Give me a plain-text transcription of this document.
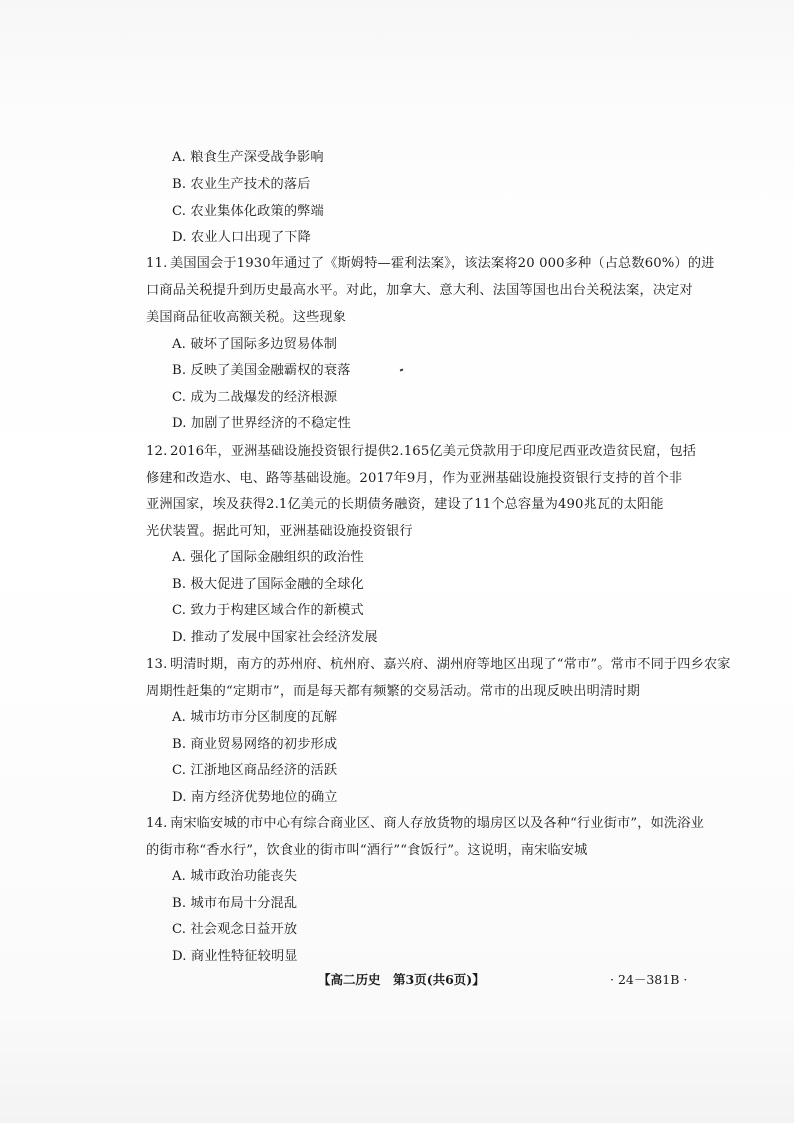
A. 粮食生产深受战争影响
B. 农业生产技术的落后
C. 农业集体化政策的弊端
D. 农业人口出现了下降
11. 美国国会于1930年通过了《斯姆特—霍利法案》，该法案将20 000多种（占总数60%）的进
口商品关税提升到历史最高水平。对此，加拿大、意大利、法国等国也出台关税法案，决定对
美国商品征收高额关税。这些现象
A. 破坏了国际多边贸易体制
B. 反映了美国金融霸权的衰落
C. 成为二战爆发的经济根源
D. 加剧了世界经济的不稳定性
12. 2016年，亚洲基础设施投资银行提供2.165亿美元贷款用于印度尼西亚改造贫民窟，包括
修建和改造水、电、路等基础设施。2017年9月，作为亚洲基础设施投资银行支持的首个非
亚洲国家，埃及获得2.1亿美元的长期债务融资，建设了11个总容量为490兆瓦的太阳能
光伏装置。据此可知，亚洲基础设施投资银行
A. 强化了国际金融组织的政治性
B. 极大促进了国际金融的全球化
C. 致力于构建区域合作的新模式
D. 推动了发展中国家社会经济发展
13. 明清时期，南方的苏州府、杭州府、嘉兴府、湖州府等地区出现了“常市”。常市不同于四乡农家
周期性赶集的“定期市”，而是每天都有频繁的交易活动。常市的出现反映出明清时期
A. 城市坊市分区制度的瓦解
B. 商业贸易网络的初步形成
C. 江浙地区商品经济的活跃
D. 南方经济优势地位的确立
14. 南宋临安城的市中心有综合商业区、商人存放货物的塌房区以及各种“行业街市”，如洗浴业
的街市称“香水行”，饮食业的街市叫“酒行”“食饭行”。这说明，南宋临安城
A. 城市政治功能丧失
B. 城市布局十分混乱
C. 社会观念日益开放
D. 商业性特征较明显
【高二历史　第3页(共6页)】	· 24－381B ·
